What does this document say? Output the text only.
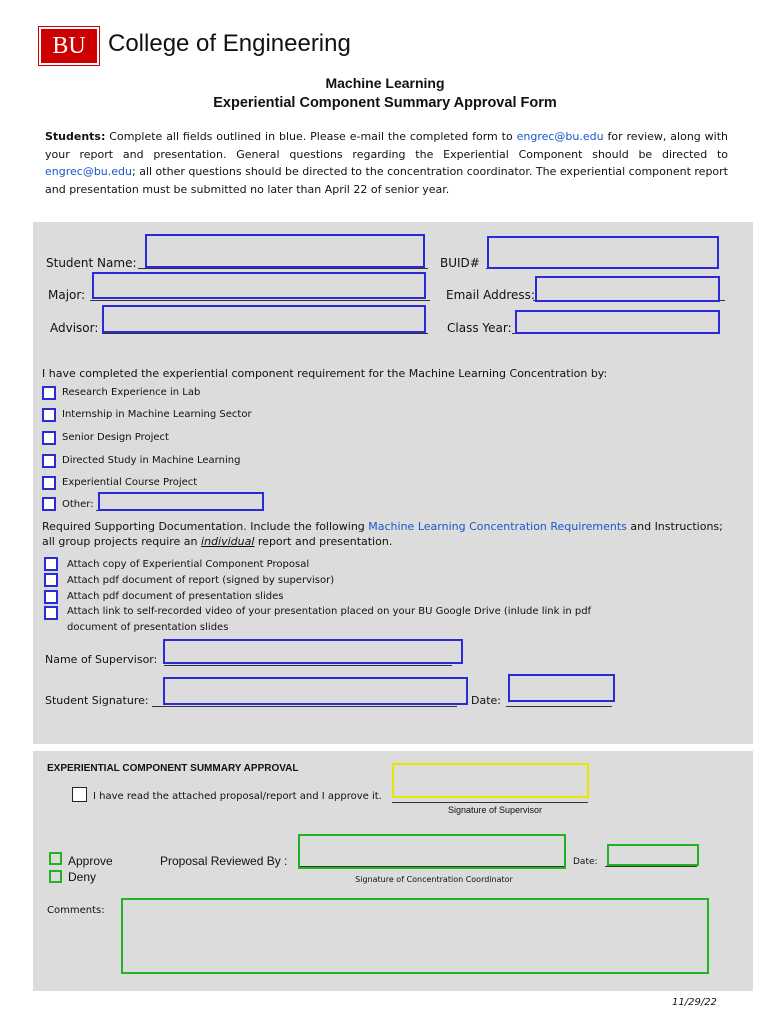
BU College of Engineering
Machine Learning
Experiential Component Summary Approval Form
Students: Complete all fields outlined in blue. Please e-mail the completed form to engrec@bu.edu for review, along with your report and presentation. General questions regarding the Experiential Component should be directed to engrec@bu.edu; all other questions should be directed to the concentration coordinator. The experiential component report and presentation must be submitted no later than April 22 of senior year.
Student Name:	BUID#
Major:	Email Address:
Advisor:	Class Year:
I have completed the experiential component requirement for the Machine Learning Concentration by:
Research Experience in Lab
Internship in Machine Learning Sector
Senior Design Project
Directed Study in Machine Learning
Experiential Course Project
Other:
Required Supporting Documentation. Include the following Machine Learning Concentration Requirements and Instructions;
all group projects require an individual report and presentation.
Attach copy of Experiential Component Proposal
Attach pdf document of report (signed by supervisor)
Attach pdf document of presentation slides
Attach link to self-recorded video of your presentation placed on your BU Google Drive (inlude link in pdf
document of presentation slides
Name of Supervisor:
Student Signature:	Date:
EXPERIENTIAL COMPONENT SUMMARY APPROVAL
I have read the attached proposal/report and I approve it.
Signature of Supervisor
Approve
Deny
Proposal Reviewed By :	Date:
Signature of Concentration Coordinator
Comments:
11/29/22
